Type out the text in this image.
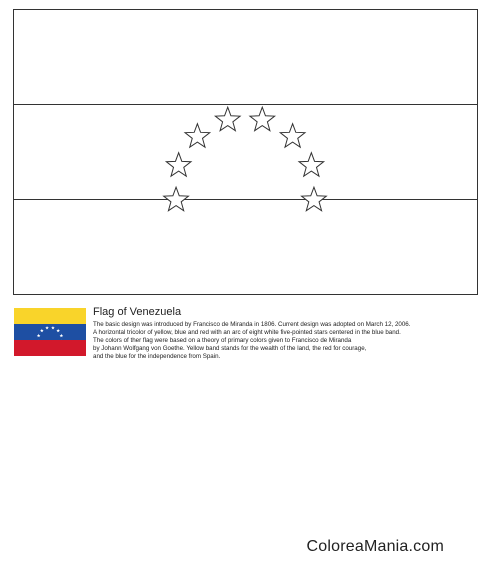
Flag of Venezuela
The basic design was introduced by Francisco de Miranda in 1806. Current design was adopted on March 12, 2006.
A horizontal tricolor of yellow, blue and red with an arc of eight white five-pointed stars centered in the blue band.
The colors of ther flag were based on a theory of primary colors given to Francisco de Miranda
by Johann Wolfgang von Goethe. Yellow band stands for the wealth of the land, the red for courage,
and the blue for the independence from Spain.
ColoreaMania.com
